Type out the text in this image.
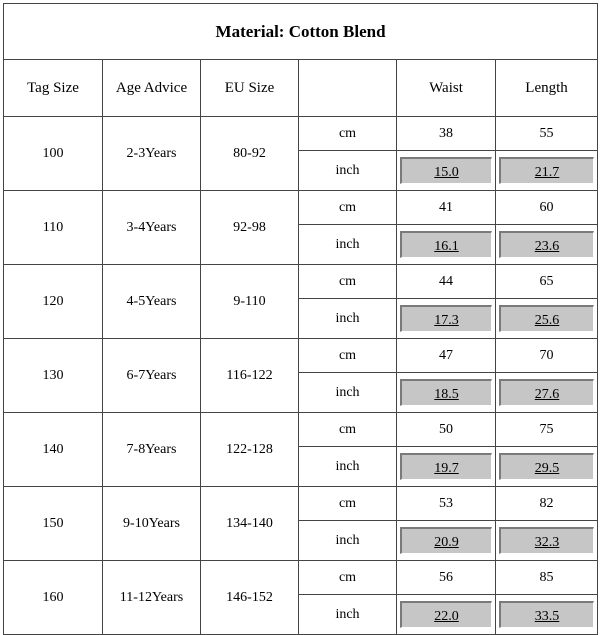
Material: Cotton Blend					
Tag Size	Age Advice	EU Size		Waist	Length
100	2-3Years	80-92	cm	38	55
			inch	15.0	21.7

110	3-4Years	92-98	cm	41	60
			inch	16.1	23.6

120	4-5Years	9-110	cm	44	65
			inch	17.3	25.6

130	6-7Years	116-122	cm	47	70
			inch	18.5	27.6

140	7-8Years	122-128	cm	50	75
			inch	19.7	29.5

150	9-10Years	134-140	cm	53	82
			inch	20.9	32.3

160	11-12Years	146-152	cm	56	85
			inch	22.0	33.5
